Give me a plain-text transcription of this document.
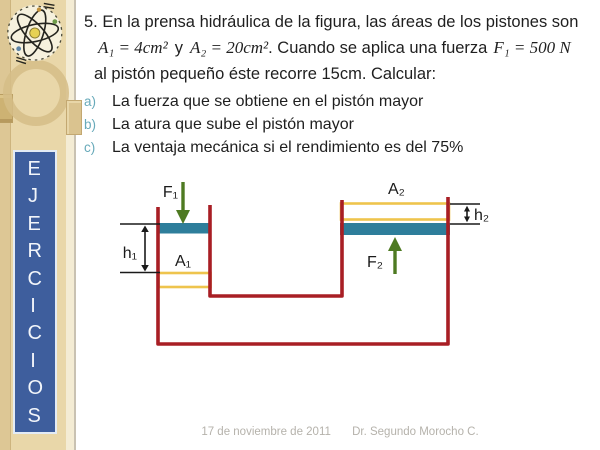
EJERCICIOS
5. En la prensa hidráulica de la figura, las áreas de los pistones son
A₁ = 4cm² y A₂ = 20cm². Cuando se aplica una fuerza F₁ = 500 N
al pistón pequeño éste recorre 15cm. Calcular:
a) La fuerza que se obtiene en el pistón mayor
b) La atura que sube el pistón mayor
c)	La ventaja mecánica si el rendimiento es del 75%
F₁
A₁
h₁
A₂
F₂
h₂
17 de noviembre de 2011 Dr. Segundo Morocho C.
